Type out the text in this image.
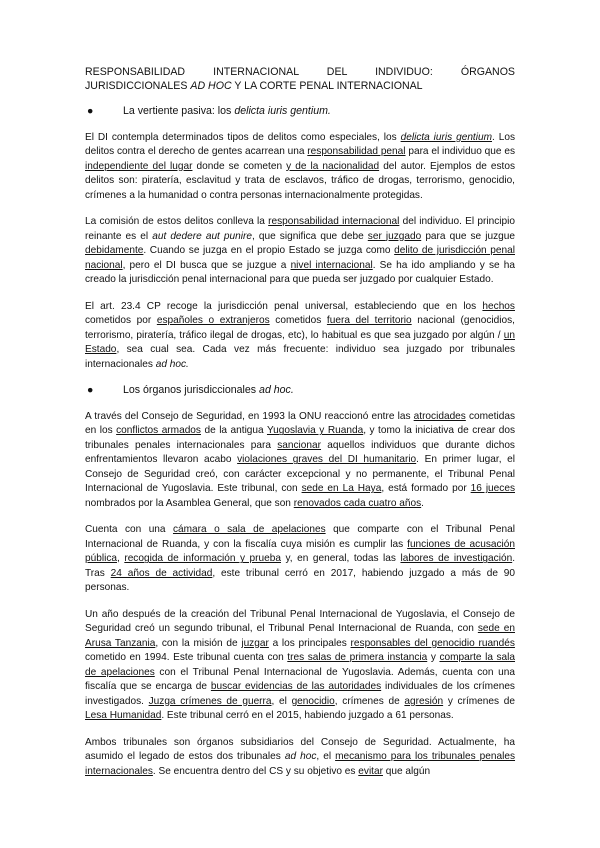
RESPONSABILIDAD INTERNACIONAL DEL INDIVIDUO: ÓRGANOS

JURISDICCIONALES AD HOC Y LA CORTE PENAL INTERNACIONAL

●	La vertiente pasiva: los delicta iuris gentium.

El DI contempla determinados tipos de delitos como especiales, los delicta iuris gentium. Los delitos contra el derecho de gentes acarrean una responsabilidad penal para el individuo que es independiente del lugar donde se cometen y de la nacionalidad del autor. Ejemplos de estos delitos son: piratería, esclavitud y trata de esclavos, tráfico de drogas, terrorismo, genocidio, crímenes a la humanidad o contra personas internacionalmente protegidas.

La comisión de estos delitos conlleva la responsabilidad internacional del individuo. El principio reinante es el aut dedere aut punire, que significa que debe ser juzgado para que se juzgue debidamente. Cuando se juzga en el propio Estado se juzga como delito de jurisdicción penal nacional, pero el DI busca que se juzgue a nivel internacional. Se ha ido ampliando y se ha creado la jurisdicción penal internacional para que pueda ser juzgado por cualquier Estado.

El art. 23.4 CP recoge la jurisdicción penal universal, estableciendo que en los hechos cometidos por españoles o extranjeros cometidos fuera del territorio nacional (genocidios, terrorismo, piratería, tráfico ilegal de drogas, etc), lo habitual es que sea juzgado por algún / un Estado, sea cual sea. Cada vez más frecuente: individuo sea juzgado por tribunales internacionales ad hoc.

●	Los órganos jurisdiccionales ad hoc.

A través del Consejo de Seguridad, en 1993 la ONU reaccionó entre las atrocidades cometidas en los conflictos armados de la antigua Yugoslavia y Ruanda, y tomo la iniciativa de crear dos tribunales penales internacionales para sancionar aquellos individuos que durante dichos enfrentamientos llevaron acabo violaciones graves del DI humanitario. En primer lugar, el Consejo de Seguridad creó, con carácter excepcional y no permanente, el Tribunal Penal Internacional de Yugoslavia. Este tribunal, con sede en La Haya, está formado por 16 jueces nombrados por la Asamblea General, que son renovados cada cuatro años.

Cuenta con una cámara o sala de apelaciones que comparte con el Tribunal Penal Internacional de Ruanda, y con la fiscalía cuya misión es cumplir las funciones de acusación pública, recogida de información y prueba y, en general, todas las labores de investigación. Tras 24 años de actividad, este tribunal cerró en 2017, habiendo juzgado a más de 90 personas.

Un año después de la creación del Tribunal Penal Internacional de Yugoslavia, el Consejo de Seguridad creó un segundo tribunal, el Tribunal Penal Internacional de Ruanda, con sede en Arusa Tanzania, con la misión de juzgar a los principales responsables del genocidio ruandés cometido en 1994. Este tribunal cuenta con tres salas de primera instancia y comparte la sala de apelaciones con el Tribunal Penal Internacional de Yugoslavia. Además, cuenta con una fiscalía que se encarga de buscar evidencias de las autoridades individuales de los crímenes investigados. Juzga crímenes de guerra, el genocidio, crímenes de agresión y crímenes de Lesa Humanidad. Este tribunal cerró en el 2015, habiendo juzgado a 61 personas.

Ambos tribunales son órganos subsidiarios del Consejo de Seguridad. Actualmente, ha asumido el legado de estos dos tribunales ad hoc, el mecanismo para los tribunales penales internacionales. Se encuentra dentro del CS y su objetivo es evitar que algún
